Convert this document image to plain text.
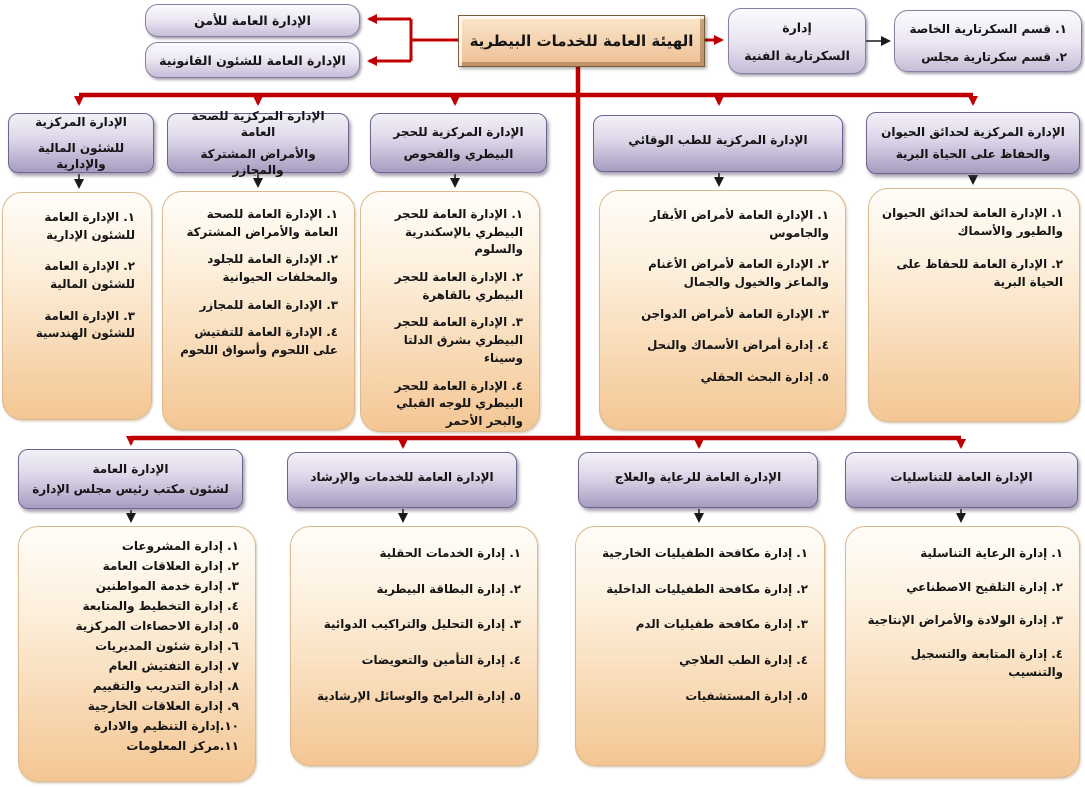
الإدارة العامة للأمن
الإدارة العامة للشئون القانونية
الهيئة العامة للخدمات البيطرية
إدارة
السكرتارية الفنية
١. قسم السكرتارية الخاصة
٢. قسم سكرتارية مجلس
الإدارة المركزية
للشئون المالية والإدارية
الإدارة المركزية للصحة العامة
والأمراض المشتركة والمجازر
الإدارة المركزية للحجر
البيطري والفحوص
الإدارة المركزية للطب الوقائي
الإدارة المركزية لحدائق الحيوان
والحفاظ على الحياة البرية
١. الإدارة العامة للشئون الإدارية
٢. الإدارة العامة للشئون المالية
٣. الإدارة العامة للشئون الهندسية
١. الإدارة العامة للصحة العامة والأمراض المشتركة
٢. الإدارة العامة للجلود والمخلفات الحيوانية
٣. الإدارة العامة للمجازر
٤. الإدارة العامة للتفتيش على اللحوم وأسواق اللحوم
١. الإدارة العامة للحجر البيطري بالإسكندرية والسلوم
٢. الإدارة العامة للحجر البيطري بالقاهرة
٣. الإدارة العامة للحجر البيطري بشرق الدلتا وسيناء
٤. الإدارة العامة للحجر البيطري للوجه القبلي والبحر الأحمر
١. الإدارة العامة لأمراض الأبقار والجاموس
٢. الإدارة العامة لأمراض الأغنام والماعز والخيول والجمال
٣. الإدارة العامة لأمراض الدواجن
٤. إدارة أمراض الأسماك والنحل
٥. إدارة البحث الحقلي
١. الإدارة العامة لحدائق الحيوان والطيور والأسماك
٢. الإدارة العامة للحفاظ على الحياة البرية
الإدارة العامة
لشئون مكتب رئيس مجلس الإدارة
الإدارة العامة للخدمات والإرشاد	الإدارة العامة للرعاية والعلاج	الإدارة العامة للتناسليات
١. إدارة المشروعات
٢. إدارة العلاقات العامة
٣. إدارة خدمة المواطنين
٤. إدارة التخطيط والمتابعة
٥. إدارة الاحصاءات المركزية
٦. إدارة شئون المديريات
٧. إدارة التفتيش العام
٨. إدارة التدريب والتقييم
٩. إدارة العلاقات الخارجية
١٠.إدارة التنظيم والادارة
١١.مركز المعلومات
١. إدارة الخدمات الحقلية
٢. إدارة البطاقة البيطرية
٣. إدارة التحليل والتراكيب الدوائية
٤. إدارة التأمين والتعويضات
٥. إدارة البرامج والوسائل الإرشادية
١. إدارة مكافحة الطفيليات الخارجية
٢. إدارة مكافحة الطفيليات الداخلية
٣. إدارة مكافحة طفيليات الدم
٤. إدارة الطب العلاجي
٥. إدارة المستشفيات
١. إدارة الرعاية التناسلية
٢. إدارة التلقيح الاصطناعي
٣. إدارة الولادة والأمراض الإنتاجية
٤. إدارة المتابعة والتسجيل والتنسيب
